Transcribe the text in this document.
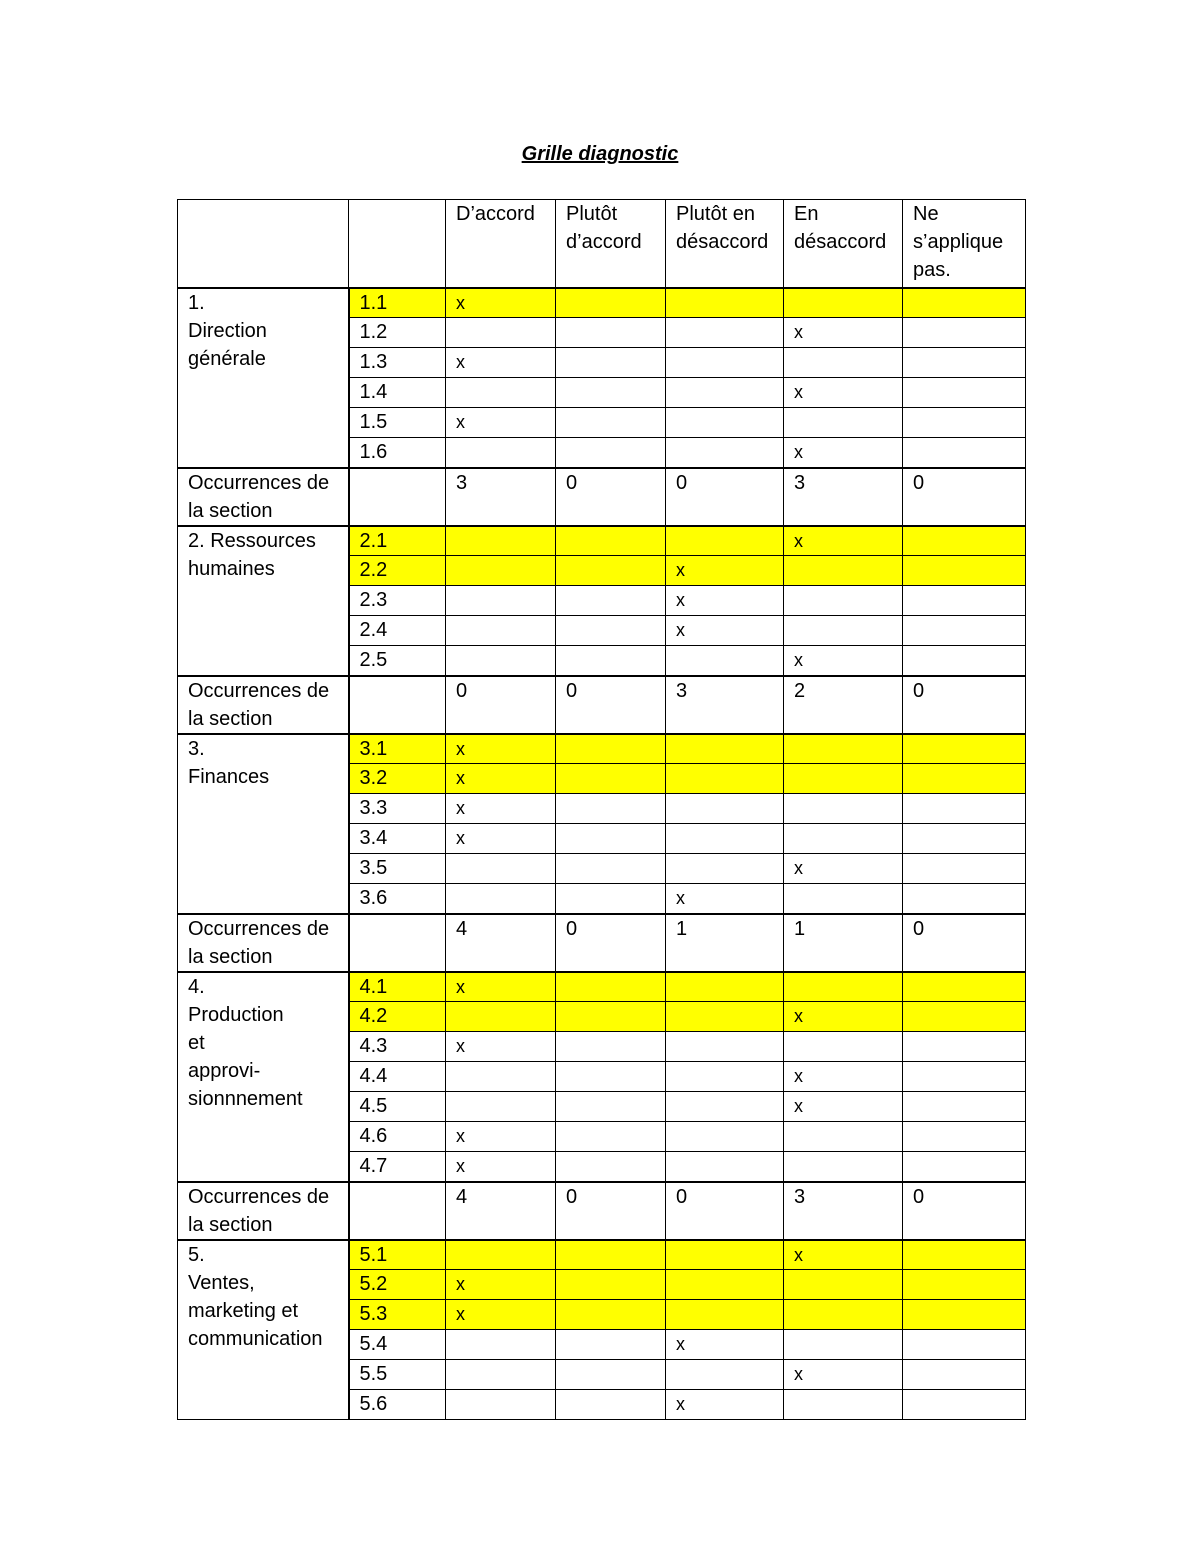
Grille diagnostic
		D’accord	Plutôt d’accord	Plutôt en désaccord	En désaccord	Ne s’applique pas.
1.
Direction
générale	1.1	x				
	1.2				x	
	1.3	x				
	1.4				x	
	1.5	x				
	1.6				x	
Occurrences de
la section		3	0	0	3	0
2. Ressources
humaines	2.1				x	
	2.2			x		
	2.3			x		
	2.4			x		
	2.5				x	
Occurrences de
la section		0	0	3	2	0
3.
Finances	3.1	x				
	3.2	x				
	3.3	x				
	3.4	x				
	3.5				x	
	3.6			x		
Occurrences de
la section		4	0	1	1	0
4.
Production
et
approvi-
sionnnement	4.1	x				
	4.2				x	
	4.3	x				
	4.4				x	
	4.5				x	
	4.6	x				
	4.7	x				
Occurrences de
la section		4	0	0	3	0
5.
Ventes,
marketing et
communication	5.1				x	
	5.2	x				
	5.3	x				
	5.4			x		
	5.5				x	
	5.6			x		
